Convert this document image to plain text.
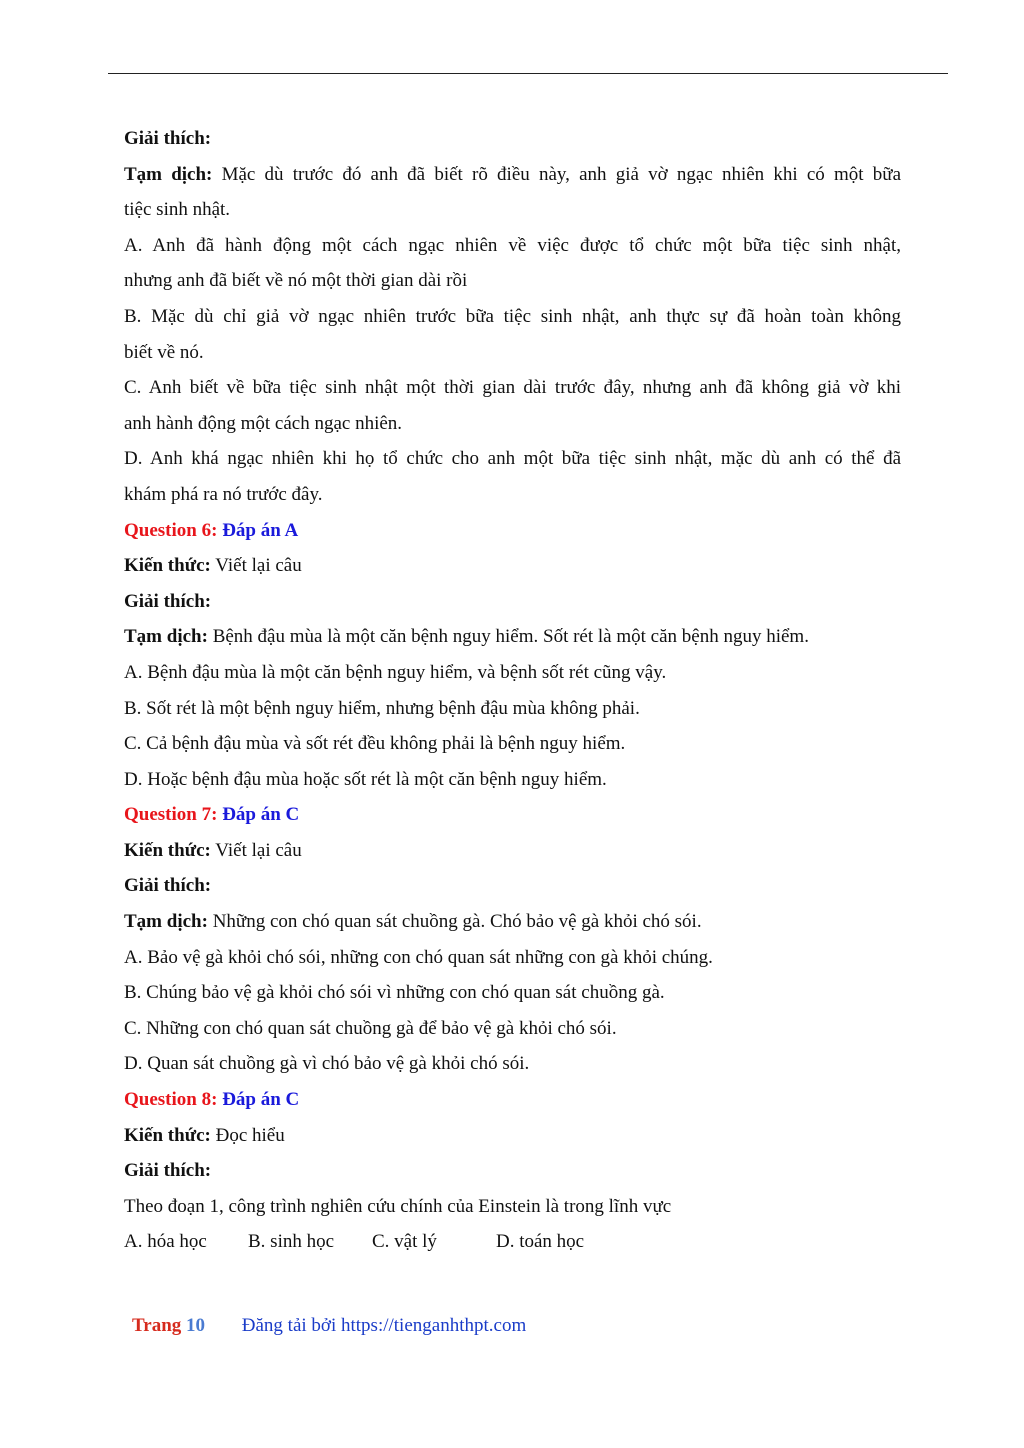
Giải thích:
Tạm dịch: Mặc dù trước đó anh đã biết rõ điều này, anh giả vờ ngạc nhiên khi có một bữa
tiệc sinh nhật.
A. Anh đã hành động một cách ngạc nhiên về việc được tổ chức một bữa tiệc sinh nhật,
nhưng anh đã biết về nó một thời gian dài rồi
B. Mặc dù chỉ giả vờ ngạc nhiên trước bữa tiệc sinh nhật, anh thực sự đã hoàn toàn không
biết về nó.
C. Anh biết về bữa tiệc sinh nhật một thời gian dài trước đây, nhưng anh đã không giả vờ khi
anh hành động một cách ngạc nhiên.
D. Anh khá ngạc nhiên khi họ tổ chức cho anh một bữa tiệc sinh nhật, mặc dù anh có thể đã
khám phá ra nó trước đây.
Question 6: Đáp án A
Kiến thức: Viết lại câu
Giải thích:
Tạm dịch: Bệnh đậu mùa là một căn bệnh nguy hiểm. Sốt rét là một căn bệnh nguy hiểm.
A. Bệnh đậu mùa là một căn bệnh nguy hiểm, và bệnh sốt rét cũng vậy.
B. Sốt rét là một bệnh nguy hiểm, nhưng bệnh đậu mùa không phải.
C. Cả bệnh đậu mùa và sốt rét đều không phải là bệnh nguy hiểm.
D. Hoặc bệnh đậu mùa hoặc sốt rét là một căn bệnh nguy hiểm.
Question 7: Đáp án C
Kiến thức: Viết lại câu
Giải thích:
Tạm dịch: Những con chó quan sát chuồng gà. Chó bảo vệ gà khỏi chó sói.
A. Bảo vệ gà khỏi chó sói, những con chó quan sát những con gà khỏi chúng.
B. Chúng bảo vệ gà khỏi chó sói vì những con chó quan sát chuồng gà.
C. Những con chó quan sát chuồng gà để bảo vệ gà khỏi chó sói.
D. Quan sát chuồng gà vì chó bảo vệ gà khỏi chó sói.
Question 8: Đáp án C
Kiến thức: Đọc hiểu
Giải thích:
Theo đoạn 1, công trình nghiên cứu chính của Einstein là trong lĩnh vực
A. hóa học B. sinh học C. vật lý	D. toán học
Trang 10 Đăng tải bởi https://tienganhthpt.com
